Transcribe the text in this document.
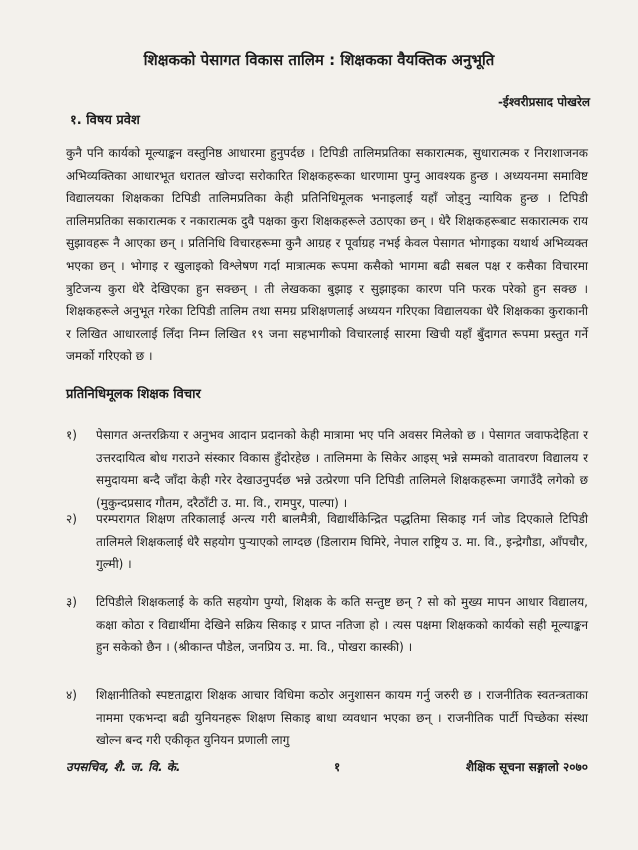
शिक्षकको पेसागत विकास तालिम : शिक्षकका वैयक्तिक अनुभूति
-ईश्वरीप्रसाद पोखरेल
१. विषय प्रवेश

कुनै पनि कार्यको मूल्याङ्कन वस्तुनिष्ठ आधारमा हुनुपर्दछ । टिपिडी तालिमप्रतिका सकारात्मक, सुधारात्मक र निराशाजनक अभिव्यक्तिका आधारभूत धरातल खोज्दा सरोकारित शिक्षकहरूका धारणामा पुग्नु आवश्यक हुन्छ । अध्ययनमा समाविष्ट विद्यालयका शिक्षकका टिपिडी तालिमप्रतिका केही प्रतिनिधिमूलक भनाइलाई यहाँ जोड्नु न्यायिक हुन्छ । टिपिडी तालिमप्रतिका सकारात्मक र नकारात्मक दुवै पक्षका कुरा शिक्षकहरूले उठाएका छन् । धेरै शिक्षकहरूबाट सकारात्मक राय सुझावहरू नै आएका छन् । प्रतिनिधि विचारहरूमा कुनै आग्रह र पूर्वाग्रह नभई केवल पेसागत भोगाइका यथार्थ अभिव्यक्त भएका छन् । भोगाइ र खुलाइको विश्लेषण गर्दा मात्रात्मक रूपमा कसैको भागमा बढी सबल पक्ष र कसैका विचारमा त्रुटिजन्य कुरा धेरै देखिएका हुन सक्छन् । ती लेखकका बुझाइ र सुझाइका कारण पनि फरक परेको हुन सक्छ । शिक्षकहरूले अनुभूत गरेका टिपिडी तालिम तथा समग्र प्रशिक्षणलाई अध्ययन गरिएका विद्यालयका धेरै शिक्षकका कुराकानी र लिखित आधारलाई लिँदा निम्न लिखित १९ जना सहभागीको विचारलाई सारमा खिची यहाँ बुँदागत रूपमा प्रस्तुत गर्ने जमर्को गरिएको छ ।

प्रतिनिधिमूलक शिक्षक विचार
१) पेसागत अन्तरक्रिया र अनुभव आदान प्रदानको केही मात्रामा भए पनि अवसर मिलेको छ । पेसागत जवाफदेहिता र उत्तरदायित्व बोध गराउने संस्कार विकास हुँदोरहेछ । तालिममा के सिकेर आइस् भन्ने सम्मको वातावरण विद्यालय र समुदायमा बन्दै जाँदा केही गरेर देखाउनुपर्दछ भन्ने उत्प्रेरणा पनि टिपिडी तालिमले शिक्षकहरूमा जगाउँदै लगेको छ (मुकुन्दप्रसाद गौतम, दरैठाँटी उ. मा. वि., रामपुर, पाल्पा) ।
२) परम्परागत शिक्षण तरिकालाई अन्त्य गरी बालमैत्री, विद्यार्थीकेन्द्रित पद्धतिमा सिकाइ गर्न जोड दिएकाले टिपिडी तालिमले शिक्षकलाई धेरै सहयोग पुऱ्याएको लाग्दछ (डिलाराम घिमिरे, नेपाल राष्ट्रिय उ. मा. वि., इन्द्रेगौडा, आँपचौर, गुल्मी) ।
३) टिपिडीले शिक्षकलाई के कति सहयोग पुग्यो, शिक्षक के कति सन्तुष्ट छन् ? सो को मुख्य मापन आधार विद्यालय, कक्षा कोठा र विद्यार्थीमा देखिने सक्रिय सिकाइ र प्राप्त नतिजा हो । त्यस पक्षमा शिक्षकको कार्यको सही मूल्याङ्कन हुन सकेको छैन । (श्रीकान्त पौडेल, जनप्रिय उ. मा. वि., पोखरा कास्की) ।
४) शिक्षानीतिको स्पष्टताद्वारा शिक्षक आचार विधिमा कठोर अनुशासन कायम गर्नु जरुरी छ । राजनीतिक स्वतन्त्रताका नाममा एकभन्दा बढी युनियनहरू शिक्षण सिकाइ बाधा व्यवधान भएका छन् । राजनीतिक पार्टी पिच्छेका संस्था खोल्न बन्द गरी एकीकृत युनियन प्रणाली लागु
उपसचिव, शै. ज. वि. के.	१	शैक्षिक सूचना सङ्गालो २०७०
